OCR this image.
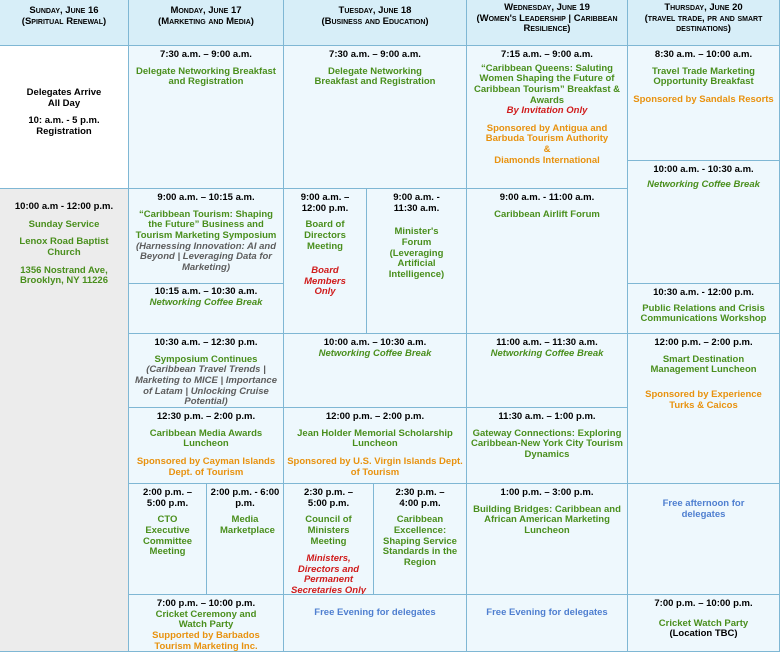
Sunday, June 16
(Spiritual Renewal)
Monday, June 17
(Marketing and Media)
Tuesday, June 18
(Business and Education)
Wednesday, June 19
(Women's Leadership | Caribbean Resilience)
Thursday, June 20
(travel trade, pr and smart destinations)
Delegates Arrive All Day
10: a.m. - 5 p.m. Registration
10:00 a.m - 12:00 p.m.
Sunday Service
Lenox Road Baptist Church
1356 Nostrand Ave, Brooklyn, NY 11226
7:30 a.m. – 9:00 a.m.
Delegate Networking Breakfast and Registration
9:00 a.m. – 10:15 a.m.
“Caribbean Tourism: Shaping the Future” Business and Tourism Marketing Symposium
(Harnessing Innovation: AI and Beyond | Leveraging Data for Marketing)
10:15 a.m. – 10:30 a.m.
Networking Coffee Break
10:30 a.m. – 12:30 p.m.
Symposium Continues
(Caribbean Travel Trends | Marketing to MICE | Importance of Latam | Unlocking Cruise Potential)
12:30 p.m. – 2:00 p.m.
Caribbean Media Awards Luncheon
Sponsored by Cayman Islands Dept. of Tourism
2:00 p.m. – 5:00 p.m.
CTO Executive Committee Meeting
2:00 p.m. - 6:00 p.m.
Media Marketplace
7:00 p.m. – 10:00 p.m.
Cricket Ceremony and Watch Party
Supported by Barbados Tourism Marketing Inc.
7:30 a.m. – 9:00 a.m.
Delegate Networking Breakfast and Registration
9:00 a.m. – 12:00 p.m.
Board of Directors Meeting
Board Members Only
9:00 a.m. - 11:30 a.m.
Minister's Forum (Leveraging Artificial Intelligence)
10:00 a.m. – 10:30 a.m.
Networking Coffee Break
12:00 p.m. – 2:00 p.m.
Jean Holder Memorial Scholarship Luncheon
Sponsored by U.S. Virgin Islands Dept. of Tourism
2:30 p.m. – 5:00 p.m.
Council of Ministers Meeting
Ministers, Directors and Permanent Secretaries Only
2:30 p.m. – 4:00 p.m.
Caribbean Excellence: Shaping Service Standards in the Region
Free Evening for delegates
7:15 a.m. – 9:00 a.m.
“Caribbean Queens: Saluting Women Shaping the Future of Caribbean Tourism” Breakfast & Awards
By Invitation Only
Sponsored by Antigua and Barbuda Tourism Authority
&
Diamonds International
9:00 a.m. - 11:00 a.m.
Caribbean Airlift Forum
11:00 a.m. – 11:30 a.m.
Networking Coffee Break
11:30 a.m. – 1:00 p.m.
Gateway Connections: Exploring Caribbean-New York City Tourism Dynamics
1:00 p.m. – 3:00 p.m.
Building Bridges: Caribbean and African American Marketing Luncheon
Free Evening for delegates
8:30 a.m. – 10:00 a.m.
Travel Trade Marketing Opportunity Breakfast
Sponsored by Sandals Resorts
10:00 a.m. - 10:30 a.m.
Networking Coffee Break
10:30 a.m. - 12:00 p.m.
Public Relations and Crisis Communications Workshop
12:00 p.m. – 2:00 p.m.
Smart Destination Management Luncheon
Sponsored by Experience Turks & Caicos
Free afternoon for delegates
7:00 p.m. – 10:00 p.m.
Cricket Watch Party
(Location TBC)
